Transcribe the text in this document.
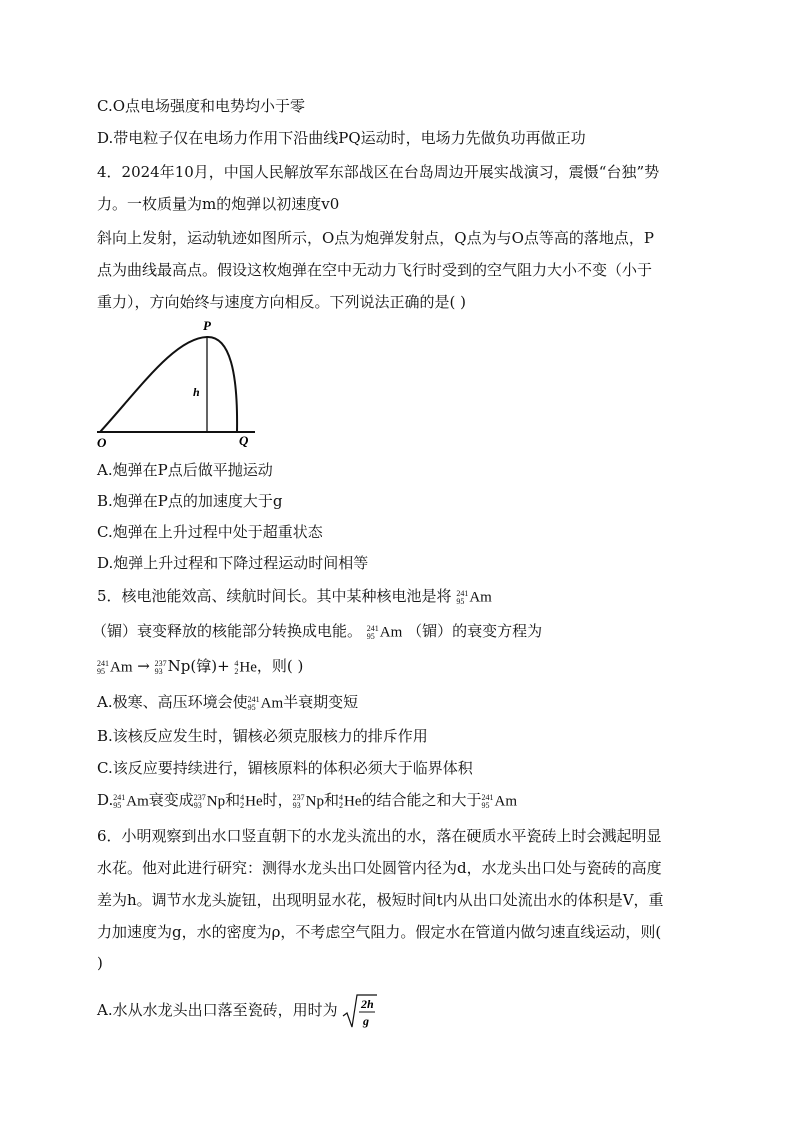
C.O点电场强度和电势均小于零
D.带电粒子仅在电场力作用下沿曲线PQ运动时，电场力先做负功再做正功
4．2024年10月，中国人民解放军东部战区在台岛周边开展实战演习，震慑“台独”势
力。一枚质量为m的炮弹以初速度v0
斜向上发射，运动轨迹如图所示，O点为炮弹发射点，Q点为与O点等高的落地点，P
点为曲线最高点。假设这枚炮弹在空中无动力飞行时受到的空气阻力大小不变（小于
重力），方向始终与速度方向相反。下列说法正确的是( )
P
h
O	Q
A.炮弹在P点后做平抛运动
B.炮弹在P点的加速度大于g
C.炮弹在上升过程中处于超重状态
D.炮弹上升过程和下降过程运动时间相等
5．核电池能效高、续航时间长。其中某种核电池是将 241
95 Am
（镅）衰变释放的核能部分转换成电能。 241
95 Am （镅）的衰变方程为
241
95 Am → 237
93 Np(镎)+ 4
2 He，则( )
A.极寒、高压环境会使 241
95 Am半衰期变短
B.该核反应发生时，镅核必须克服核力的排斥作用
C.该反应要持续进行，镅核原料的体积必须大于临界体积
D. 241
95 Am衰变成 237
93 Np和 4
2 He时， 237
93 Np和 4
2 He的结合能之和大于 241
95 Am
6．小明观察到出水口竖直朝下的水龙头流出的水，落在硬质水平瓷砖上时会溅起明显
水花。他对此进行研究：测得水龙头出口处圆管内径为d，水龙头出口处与瓷砖的高度
差为h。调节水龙头旋钮，出现明显水花，极短时间t内从出口处流出水的体积是V，重
力加速度为g，水的密度为ρ，不考虑空气阻力。假定水在管道内做匀速直线运动，则(
)
A.水从水龙头出口落至瓷砖，用时为 2h
g
